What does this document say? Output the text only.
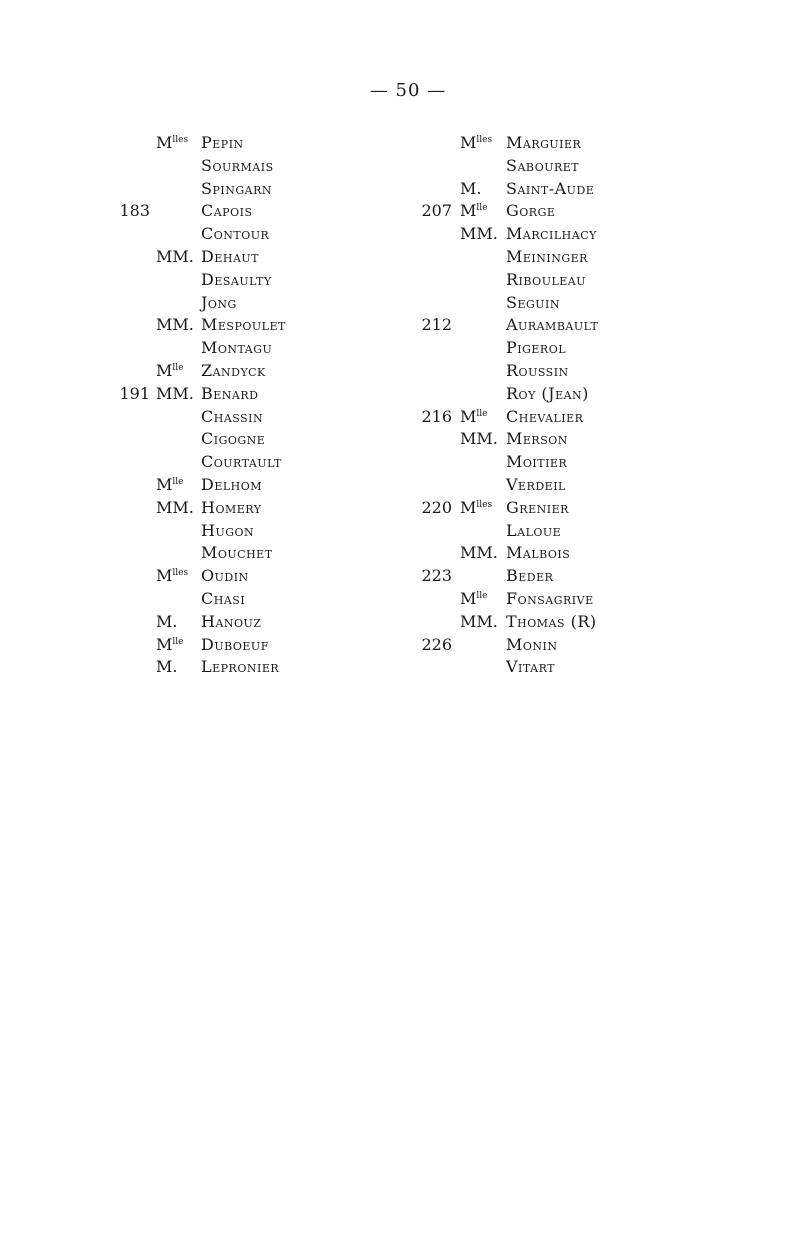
— 50 —
$M^{lles}$ Pepin
Sourmais
Spingarn
183	Capois
Contour
MM. Dehaut
Desaulty
Jong
MM. Mespoulet
Montagu
$M^{lle}$	Zandyck
191 MM. Benard
Chassin
Cigogne
Courtault
$M^{lle}$	Delhom
MM. Homery
Hugon
Mouchet
$M^{lles}$ Oudin
Chasi
M.	Hanouz
$M^{lle}$	Duboeuf
M.	Lepronier
$M^{lles}$ Marguier
Sabouret
M.	Saint-Aude
207 $M^{lle}$	Gorge
MM. Marcilhacy
Meininger
Ribouleau
Seguin
212	Aurambault
Pigerol
Roussin
Roy (Jean)
216 $M^{lle}$	Chevalier
MM. Merson
Moitier
Verdeil
220 $M^{lles}$ Grenier
Laloue
MM. Malbois
223	Beder
$M^{lle}$	Fonsagrive
MM. Thomas (R)
226	Monin
Vitart
